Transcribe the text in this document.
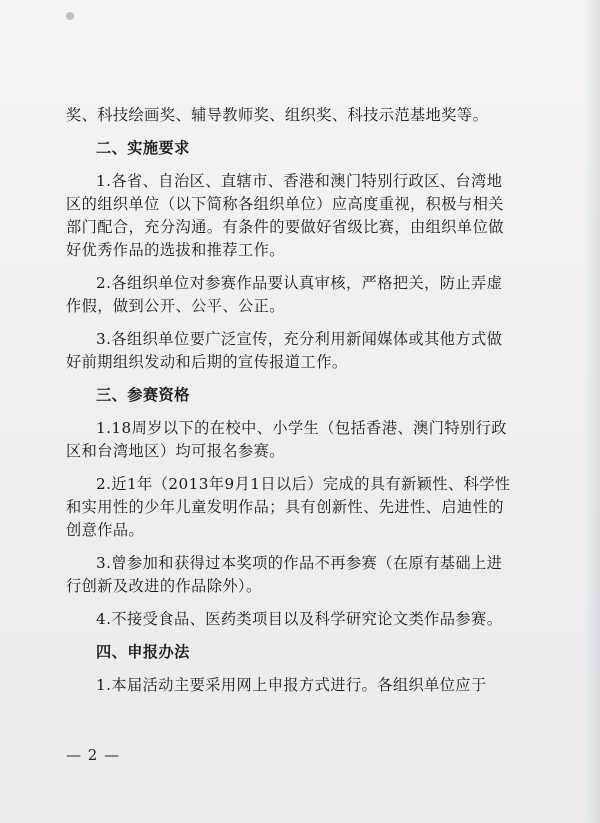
奖、科技绘画奖、辅导教师奖、组织奖、科技示范基地奖等。

二、实施要求

1.各省、自治区、直辖市、香港和澳门特别行政区、台湾地

区的组织单位（以下简称各组织单位）应高度重视，积极与相关

部门配合，充分沟通。有条件的要做好省级比赛，由组织单位做

好优秀作品的选拔和推荐工作。

2.各组织单位对参赛作品要认真审核，严格把关，防止弄虚

作假，做到公开、公平、公正。

3.各组织单位要广泛宣传，充分利用新闻媒体或其他方式做

好前期组织发动和后期的宣传报道工作。

三、参赛资格

1.18周岁以下的在校中、小学生（包括香港、澳门特别行政

区和台湾地区）均可报名参赛。

2.近1年（2013年9月1日以后）完成的具有新颖性、科学性

和实用性的少年儿童发明作品；具有创新性、先进性、启迪性的

创意作品。

3.曾参加和获得过本奖项的作品不再参赛（在原有基础上进

行创新及改进的作品除外）。

4.不接受食品、医药类项目以及科学研究论文类作品参赛。

四、申报办法

1.本届活动主要采用网上申报方式进行。各组织单位应于

— 2 —
